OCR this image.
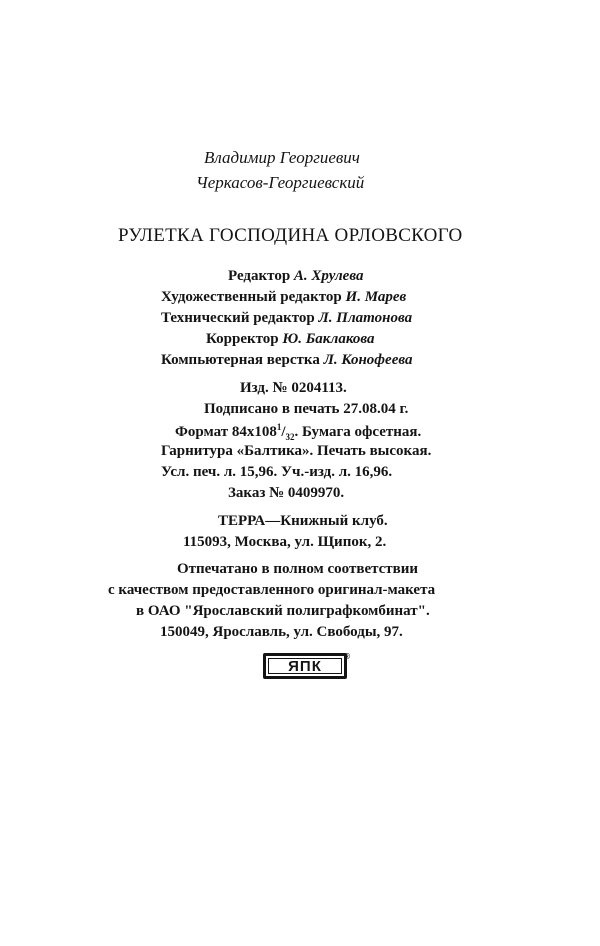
Владимир Георгиевич
Черкасов-Георгиевский
РУЛЕТКА ГОСПОДИНА ОРЛОВСКОГО
Редактор А. Хрулева
Художественный редактор И. Марев
Технический редактор Л. Платонова
Корректор Ю. Баклакова
Компьютерная верстка Л. Конофеева
Изд. № 0204113.
Подписано в печать 27.08.04 г.
Формат $84x108^1/_{32}$. Бумага офсетная.
Гарнитура «Балтика». Печать высокая.
Усл. печ. л. 15,96. Уч.-изд. л. 16,96.
Заказ № 0409970.
ТЕРРА—Книжный клуб.
115093, Москва, ул. Щипок, 2.
Отпечатано в полном соответствии
с качеством предоставленного оригинал-макета
в ОАО "Ярославский полиграфкомбинат".
150049, Ярославль, ул. Свободы, 97.
ЯПК
®
